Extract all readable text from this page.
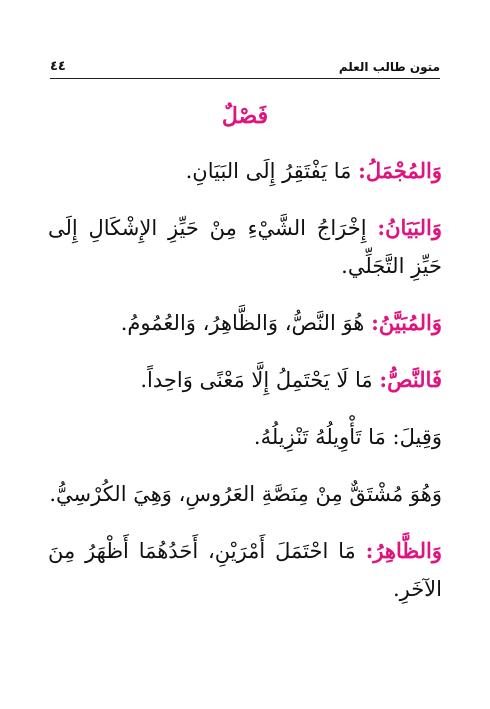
٤٤	متون طالب العلم
فَصْلٌ

وَالمُجْمَلُ: مَا يَفْتَقِرُ إِلَى البَيَانِ.

وَالبَيَانُ: إِخْرَاجُ الشَّيْءِ مِنْ حَيِّزِ الإِشْكَالِ إِلَى حَيِّزِ التَّجَلِّي.

وَالمُبَيَّنُ: هُوَ النَّصُّ، وَالظَّاهِرُ، وَالعُمُومُ.

فَالنَّصُّ: مَا لَا يَحْتَمِلُ إِلَّا مَعْنًى وَاحِداً.

وَقِيلَ: مَا تَأْوِيلُهُ تَنْزِيلُهُ.

وَهُوَ مُشْتَقٌّ مِنْ مِنَصَّةِ العَرُوسِ، وَهِيَ الكُرْسِيُّ.

وَالظَّاهِرُ: مَا احْتَمَلَ أَمْرَيْنِ، أَحَدُهُمَا أَظْهَرُ مِنَ الآخَرِ.
